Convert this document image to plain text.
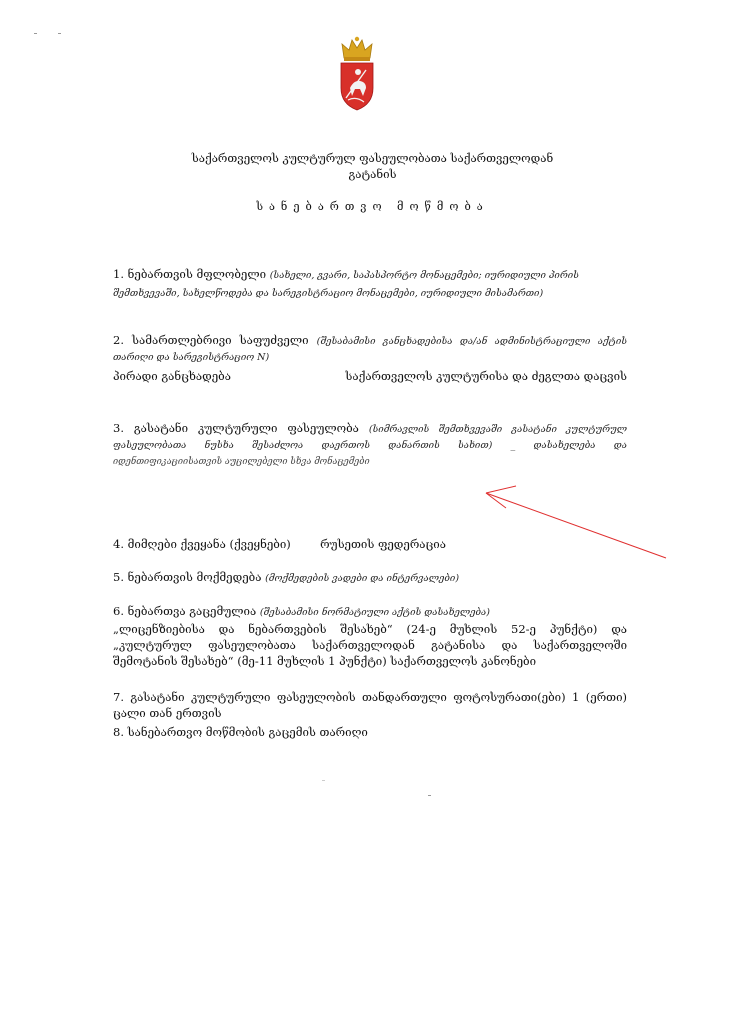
საქართველოს კულტურულ ფასეულობათა საქართველოდან
გატანის
სანებართვო მოწმობა

1. ნებართვის მფლობელი (სახელი, გვარი, საპასპორტო მონაცემები; იურიდიული პირის შემთხვევაში, სახელწოდება და სარეგისტრაციო მონაცემები, იურიდიული მისამართი)

2. სამართლებრივი საფუძველი (შესაბამისი განცხადებისა და/ან ადმინისტრაციული აქტის

თარიღი და სარეგისტრაციო N)

პირადი განცხადება	საქართველოს კულტურისა და ძეგლთა დაცვის

3. გასატანი კულტურული ფასეულობა (სიმრავლის შემთხვევაში გასატანი კულტურულ

ფასეულობათა ნუსხა შესაძლოა დაერთოს დანართის სახით) _ დასახელება და

იდენთიფიკაციისათვის აუცილებელი სხვა მონაცემები

4. მიმღები ქვეყანა (ქვეყნები)	რუსეთის ფედერაცია

5. ნებართვის მოქმედება (მოქმედების ვადები და ინტერვალები)

6. ნებართვა გაცემულია (შესაბამისი ნორმატიული აქტის დასახელება)

„ლიცენზიებისა და ნებართვების შესახებ“ (24-ე მუხლის 52-ე პუნქტი) და

„კულტურულ ფასეულობათა საქართველოდან გატანისა და საქართველოში

შემოტანის შესახებ“ (მე-11 მუხლის 1 პუნქტი) საქართველოს კანონები

7. გასატანი კულტურული ფასეულობის თანდართული ფოტოსურათი(ები) 1 (ერთი)

ცალი თან ერთვის

8. სანებართვო მოწმობის გაცემის თარიღი
